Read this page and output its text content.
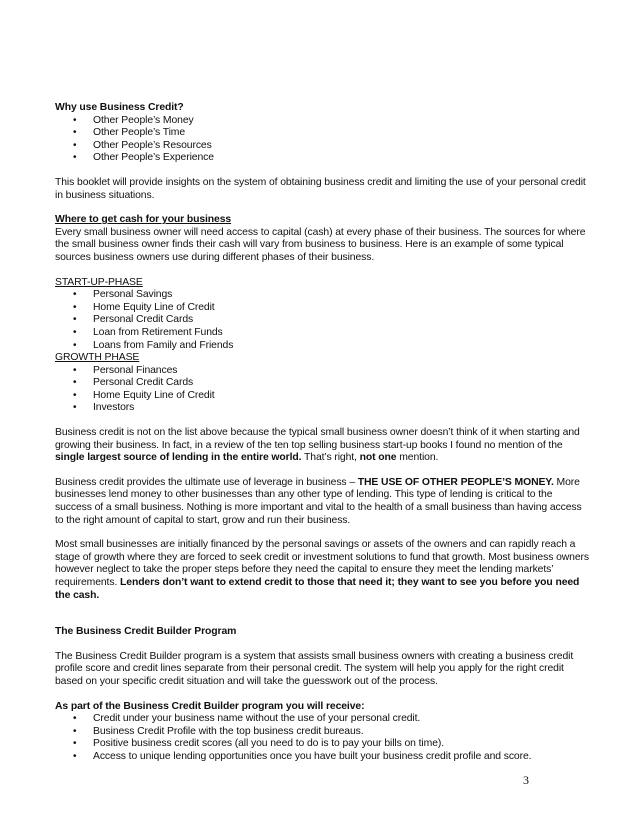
Why use Business Credit?

• Other People’s Money
• Other People’s Time
• Other People’s Resources
• Other People’s Experience

This booklet will provide insights on the system of obtaining business credit and limiting the use of your personal credit in business situations.

Where to get cash for your business

Every small business owner will need access to capital (cash) at every phase of their business. The sources for where the small business owner finds their cash will vary from business to business. Here is an example of some typical sources business owners use during different phases of their business.

START-UP-PHASE

• Personal Savings
• Home Equity Line of Credit
• Personal Credit Cards
• Loan from Retirement Funds
• Loans from Family and Friends

GROWTH PHASE

• Personal Finances
• Personal Credit Cards
• Home Equity Line of Credit
• Investors

Business credit is not on the list above because the typical small business owner doesn’t think of it when starting and growing their business. In fact, in a review of the ten top selling business start-up books I found no mention of the single largest source of lending in the entire world. That’s right, not one mention.

Business credit provides the ultimate use of leverage in business – THE USE OF OTHER PEOPLE’S MONEY. More businesses lend money to other businesses than any other type of lending. This type of lending is critical to the success of a small business. Nothing is more important and vital to the health of a small business than having access to the right amount of capital to start, grow and run their business.

Most small businesses are initially financed by the personal savings or assets of the owners and can rapidly reach a stage of growth where they are forced to seek credit or investment solutions to fund that growth. Most business owners however neglect to take the proper steps before they need the capital to ensure they meet the lending markets’ requirements. Lenders don’t want to extend credit to those that need it; they want to see you before you need the cash.

The Business Credit Builder Program

The Business Credit Builder program is a system that assists small business owners with creating a business credit profile score and credit lines separate from their personal credit. The system will help you apply for the right credit based on your specific credit situation and will take the guesswork out of the process.

As part of the Business Credit Builder program you will receive:

• Credit under your business name without the use of your personal credit.
• Business Credit Profile with the top business credit bureaus.
• Positive business credit scores (all you need to do is to pay your bills on time).
• Access to unique lending opportunities once you have built your business credit profile and score.
3
